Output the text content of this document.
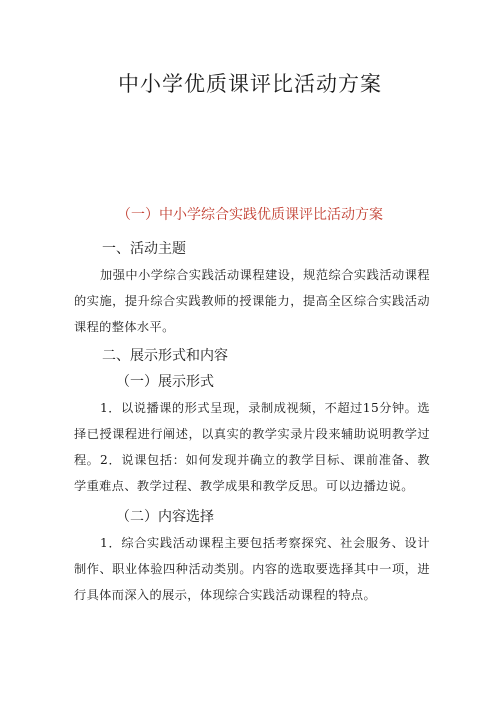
中小学优质课评比活动方案
（一）中小学综合实践优质课评比活动方案
一、活动主题
加强中小学综合实践活动课程建设，规范综合实践活动课程的实施，提升综合实践教师的授课能力，提高全区综合实践活动课程的整体水平。
二、展示形式和内容
（一）展示形式
1．以说播课的形式呈现，录制成视频，不超过15分钟。选择已授课程进行阐述，以真实的教学实录片段来辅助说明教学过程。 2．说课包括：如何发现并确立的教学目标、课前准备、教学重难点、教学过程、教学成果和教学反思。可以边播边说。
（二）内容选择
1．综合实践活动课程主要包括考察探究、社会服务、设计制作、职业体验四种活动类别。内容的选取要选择其中一项，进行具体而深入的展示，体现综合实践活动课程的特点。
